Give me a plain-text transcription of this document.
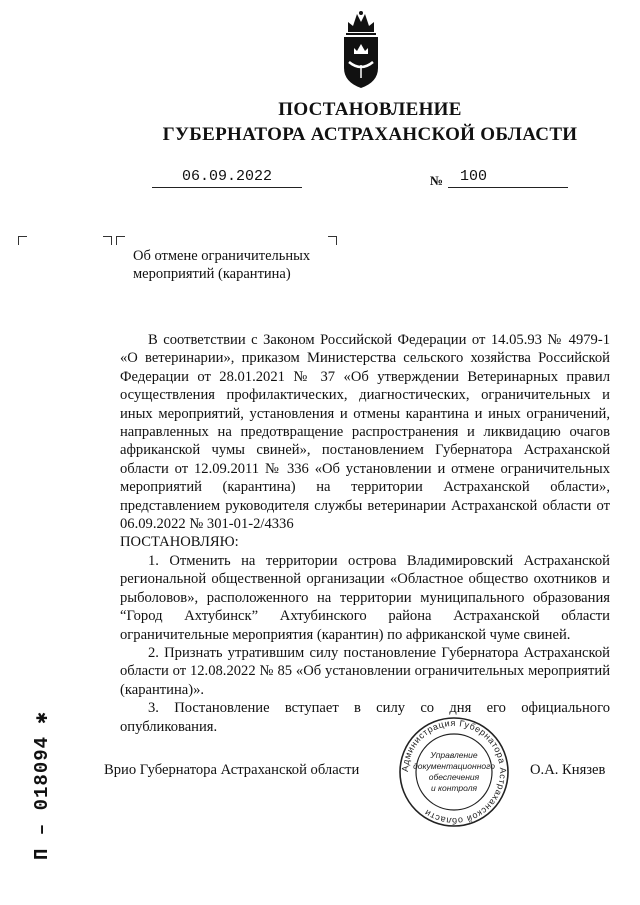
ПОСТАНОВЛЕНИЕ
ГУБЕРНАТОРА АСТРАХАНСКОЙ ОБЛАСТИ
06.09.2022	№ 100
Об отмене ограничительных
мероприятий (карантина)

В соответствии с Законом Российской Федерации от 14.05.93 № 4979-1 «О ветеринарии», приказом Министерства сельского хозяйства Российской Федерации от 28.01.2021 № 37 «Об утверждении Ветеринарных правил осуществления профилактических, диагностических, ограничительных и иных мероприятий, установления и отмены карантина и иных ограничений, направленных на предотвращение распространения и ликвидацию очагов африканской чумы свиней», постановлением Губернатора Астраханской области от 12.09.2011 № 336 «Об установлении и отмене ограничительных мероприятий (карантина) на территории Астраханской области», представлением руководителя службы ветеринарии Астраханской области от 06.09.2022 № 301-01-2/4336

ПОСТАНОВЛЯЮ:

1. Отменить на территории острова Владимировский Астраханской региональной общественной организации «Областное общество охотников и рыболовов», расположенного на территории муниципального образования “Город Ахтубинск” Ахтубинского района Астраханской области ограничительные мероприятия (карантин) по африканской чуме свиней.

2. Признать утратившим силу постановление Губернатора Астраханской области от 12.08.2022 № 85 «Об установлении ограничительных мероприятий (карантина)».

3. Постановление вступает в силу со дня его официального опубликования.

Врио Губернатора Астраханской области	О.А. Князев
Администрация Губернатора Астраханской области
Управление
документационного
обеспечения
и контроля
П – 018094 ✱
